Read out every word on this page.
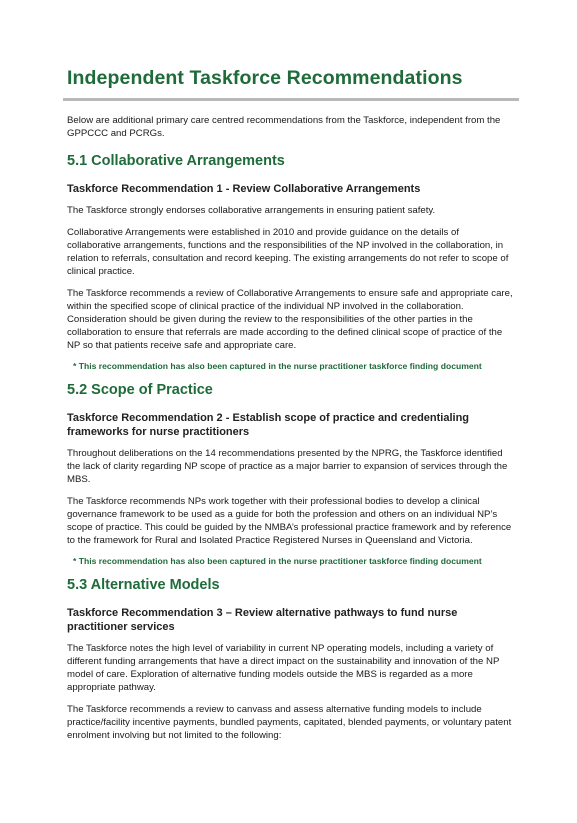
Independent Taskforce Recommendations

Below are additional primary care centred recommendations from the Taskforce, independent from the GPPCCC and PCRGs.

5.1 Collaborative Arrangements
Taskforce Recommendation 1 - Review Collaborative Arrangements

The Taskforce strongly endorses collaborative arrangements in ensuring patient safety.

Collaborative Arrangements were established in 2010 and provide guidance on the details of collaborative arrangements, functions and the responsibilities of the NP involved in the collaboration, in relation to referrals, consultation and record keeping. The existing arrangements do not refer to scope of clinical practice.

The Taskforce recommends a review of Collaborative Arrangements to ensure safe and appropriate care, within the specified scope of clinical practice of the individual NP involved in the collaboration. Consideration should be given during the review to the responsibilities of the other parties in the collaboration to ensure that referrals are made according to the defined clinical scope of practice of the NP so that patients receive safe and appropriate care.

* This recommendation has also been captured in the nurse practitioner taskforce finding document

5.2 Scope of Practice
Taskforce Recommendation 2 - Establish scope of practice and credentialing frameworks for nurse practitioners

Throughout deliberations on the 14 recommendations presented by the NPRG, the Taskforce identified the lack of clarity regarding NP scope of practice as a major barrier to expansion of services through the MBS.

The Taskforce recommends NPs work together with their professional bodies to develop a clinical governance framework to be used as a guide for both the profession and others on an individual NP’s scope of practice. This could be guided by the NMBA’s professional practice framework and by reference to the framework for Rural and Isolated Practice Registered Nurses in Queensland and Victoria.

* This recommendation has also been captured in the nurse practitioner taskforce finding document

5.3 Alternative Models
Taskforce Recommendation 3 – Review alternative pathways to fund nurse practitioner services

The Taskforce notes the high level of variability in current NP operating models, including a variety of different funding arrangements that have a direct impact on the sustainability and innovation of the NP model of care. Exploration of alternative funding models outside the MBS is regarded as a more appropriate pathway.

The Taskforce recommends a review to canvass and assess alternative funding models to include practice/facility incentive payments, bundled payments, capitated, blended payments, or voluntary patent enrolment involving but not limited to the following:
